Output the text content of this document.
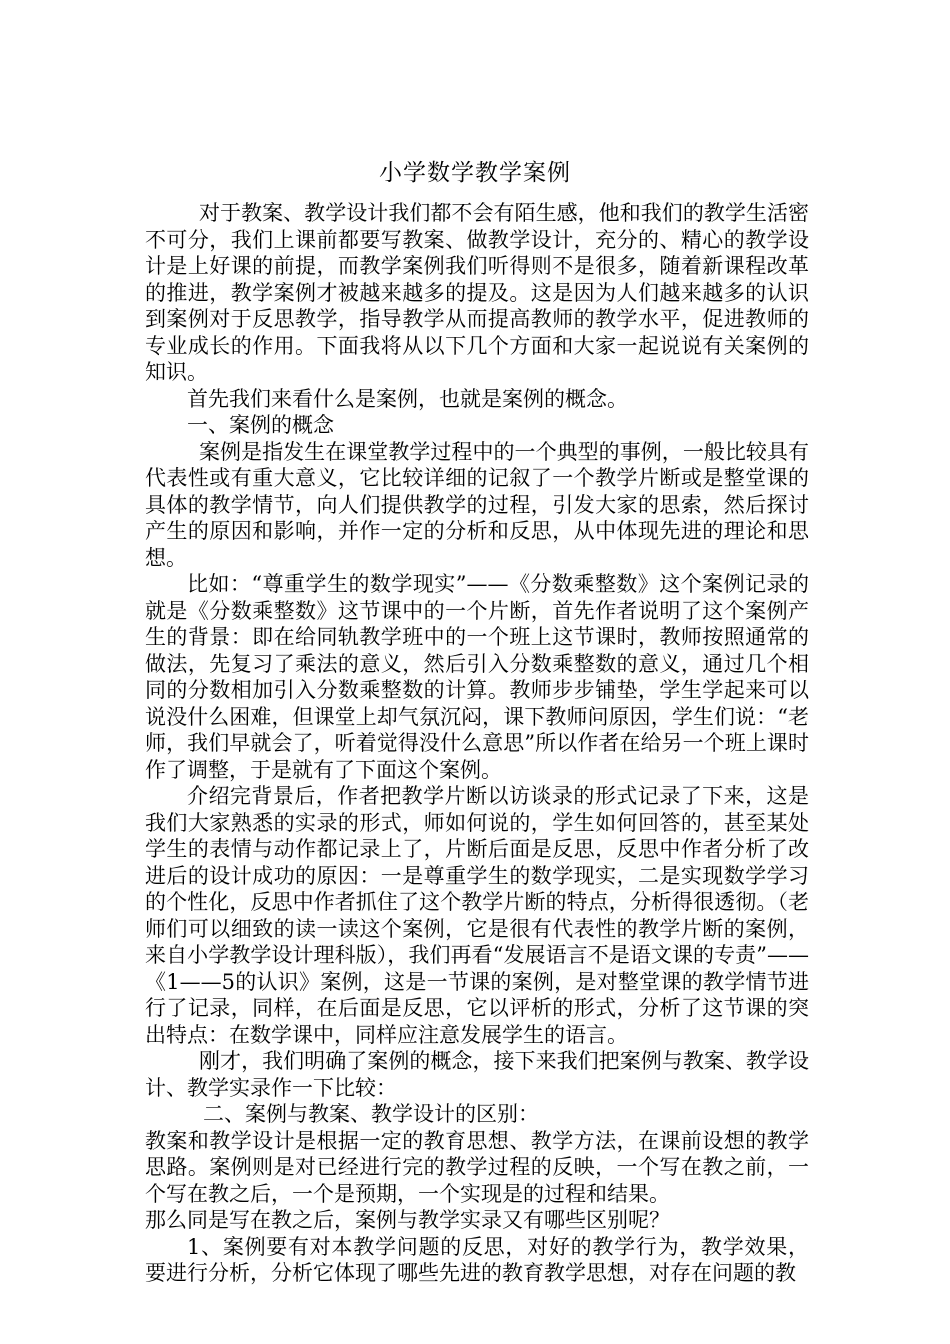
小学数学教学案例

对于教案、教学设计我们都不会有陌生感，他和我们的教学生活密不可分，我们上课前都要写教案、做教学设计，充分的、精心的教学设计是上好课的前提，而教学案例我们听得则不是很多，随着新课程改革的推进，教学案例才被越来越多的提及。这是因为人们越来越多的认识到案例对于反思教学，指导教学从而提高教师的教学水平，促进教师的专业成长的作用。下面我将从以下几个方面和大家一起说说有关案例的知识。

首先我们来看什么是案例，也就是案例的概念。

一、案例的概念

案例是指发生在课堂教学过程中的一个典型的事例，一般比较具有代表性或有重大意义，它比较详细的记叙了一个教学片断或是整堂课的具体的教学情节，向人们提供教学的过程，引发大家的思索，然后探讨产生的原因和影响，并作一定的分析和反思，从中体现先进的理论和思想。

比如：“尊重学生的数学现实”——《分数乘整数》这个案例记录的就是《分数乘整数》这节课中的一个片断，首先作者说明了这个案例产生的背景：即在给同轨教学班中的一个班上这节课时，教师按照通常的做法，先复习了乘法的意义，然后引入分数乘整数的意义，通过几个相同的分数相加引入分数乘整数的计算。教师步步铺垫，学生学起来可以说没什么困难，但课堂上却气氛沉闷，课下教师问原因，学生们说：“老师，我们早就会了，听着觉得没什么意思”所以作者在给另一个班上课时作了调整，于是就有了下面这个案例。

介绍完背景后，作者把教学片断以访谈录的形式记录了下来，这是我们大家熟悉的实录的形式，师如何说的，学生如何回答的，甚至某处学生的表情与动作都记录上了，片断后面是反思，反思中作者分析了改进后的设计成功的原因：一是尊重学生的数学现实，二是实现数学学习的个性化，反思中作者抓住了这个教学片断的特点，分析得很透彻。（老师们可以细致的读一读这个案例，它是很有代表性的教学片断的案例，来自小学教学设计理科版），我们再看“发展语言不是语文课的专责”——《1——5的认识》案例，这是一节课的案例，是对整堂课的教学情节进行了记录，同样，在后面是反思，它以评析的形式，分析了这节课的突出特点：在数学课中，同样应注意发展学生的语言。

刚才，我们明确了案例的概念，接下来我们把案例与教案、教学设计、教学实录作一下比较：

二、案例与教案、教学设计的区别：

教案和教学设计是根据一定的教育思想、教学方法，在课前设想的教学思路。案例则是对已经进行完的教学过程的反映，一个写在教之前，一个写在教之后，一个是预期，一个实现是的过程和结果。

那么同是写在教之后，案例与教学实录又有哪些区别呢？

1、案例要有对本教学问题的反思，对好的教学行为，教学效果，要进行分析，分析它体现了哪些先进的教育教学思想，对存在问题的教
